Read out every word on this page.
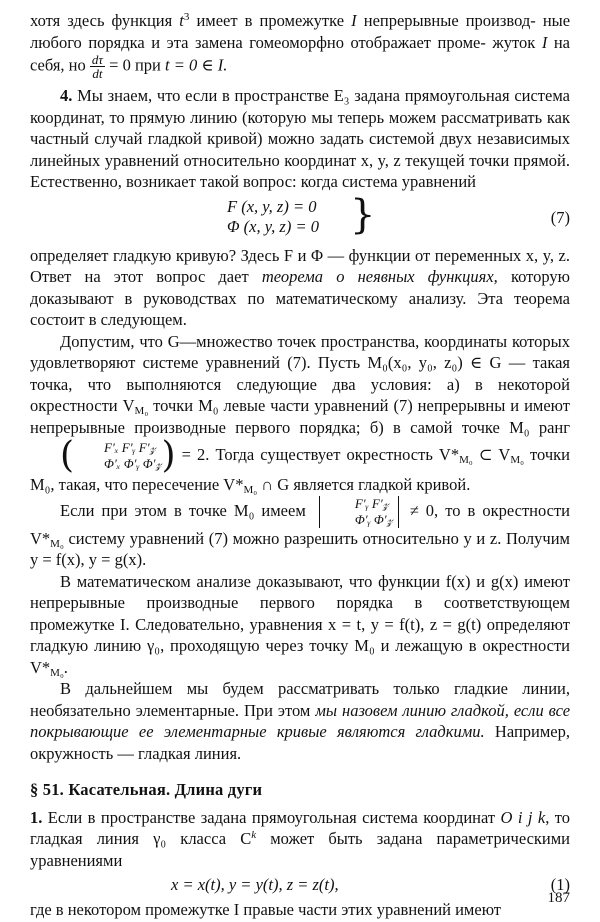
хотя здесь функция $t^3$ имеет в промежутке I непрерывные производ- ные любого порядка и эта замена гомеоморфно отображает проме- жуток I на себя, но $\frac{d\tau}{dt} = 0$ при t = 0 ∈ I.

4. Мы знаем, что если в пространстве E₃ задана прямоугольная система координат, то прямую линию (которую мы теперь можем рассматривать как частный случай гладкой кривой) можно задать системой двух независимых линейных уравнений относительно координат x, y, z текущей точки прямой. Естественно, возникает такой вопрос: когда система уравнений

F (x, y, z) = 0
Φ (x, y, z) = 0 }	(7)

определяет гладкую кривую? Здесь F и Φ — функции от переменных x, y, z. Ответ на этот вопрос дает теорема о неявных функциях, которую доказывают в руководствах по математическому анализу. Эта теорема состоит в следующем.

Допустим, что G—множество точек пространства, координаты которых удовлетворяют системе уравнений (7). Пусть M₀(x₀, y₀, z₀) ∈ G — такая точка, что выполняются следующие два условия: а) в некоторой окрестности $V_{M_0}$ точки M₀ левые части уравнений (7) непрерывны и имеют непрерывные производные первого порядка; б) в самой точке M₀ ранг (	F′ₓ F′ᵧ F′𝓏
Φ′ₓ Φ′ᵧ Φ′𝓏 ) = 2. Тогда существует окрестность $V*_{M_0}$ ⊂ $V_{M_0}$ точки M₀, такая, что пересечение $V*_{M_0}$ ∩ G является гладкой кривой.

Если при этом в точке M₀ имеем	F′ᵧ F′𝓏
Φ′ᵧ Φ′𝓏 ≠ 0, то в окрестности $V*_{M_0}$ систему уравнений (7) можно разрешить относительно y и z. Получим y = f(x), y = g(x).

В математическом анализе доказывают, что функции f(x) и g(x) имеют непрерывные производные первого порядка в соответствующем промежутке I. Следовательно, уравнения x = t, y = f(t), z = g(t) определяют гладкую линию γ₀, проходящую через точку M₀ и лежащую в окрестности $V*_{M_0}$.

В дальнейшем мы будем рассматривать только гладкие линии, необязательно элементарные. При этом мы назовем линию гладкой, если все покрывающие ее элементарные кривые являются гладкими. Например, окружность — гладкая линия.

§ 51. Касательная. Длина дуги

1. Если в пространстве задана прямоугольная система координат O i j k, то гладкая линия γ₀ класса $C^k$ может быть задана параметрическими уравнениями

x = x(t), y = y(t), z = z(t),	(1)

где в некотором промежутке I правые части этих уравнений имеют

187
